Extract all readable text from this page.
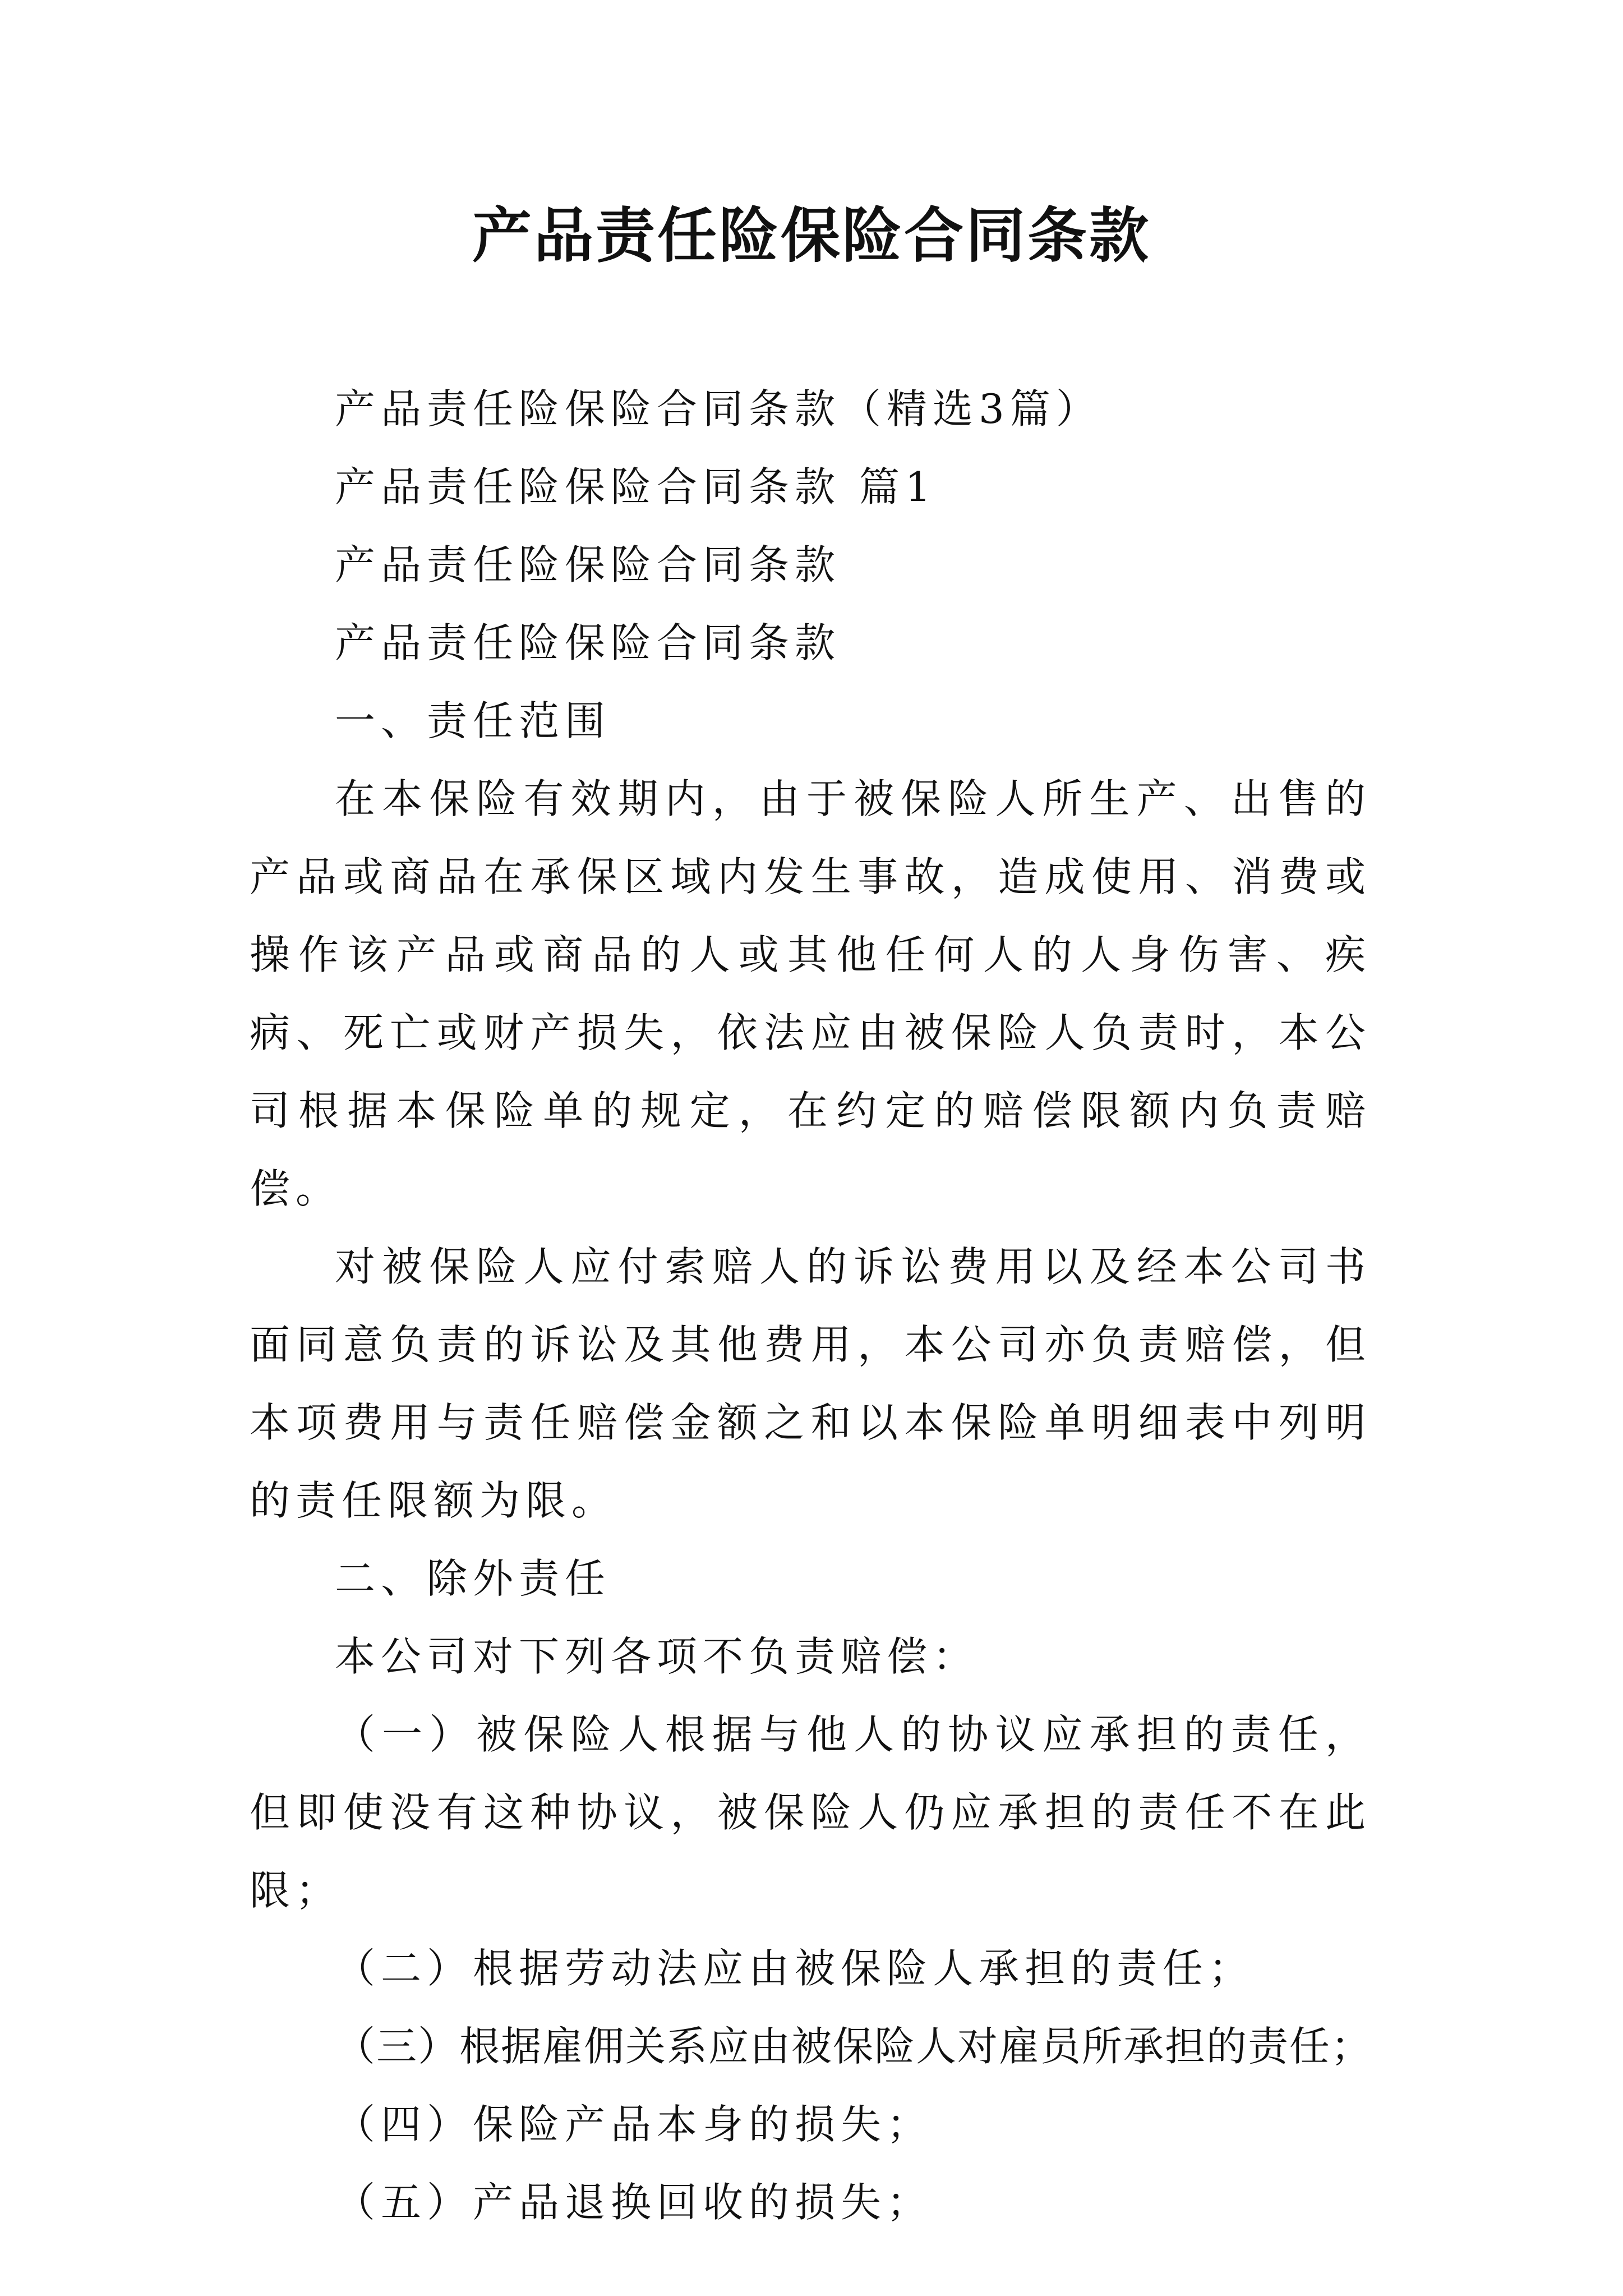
产品责任险保险合同条款

产品责任险保险合同条款（精选3篇）

产品责任险保险合同条款 篇1

产品责任险保险合同条款

产品责任险保险合同条款

一、责任范围

在本保险有效期内，由于被保险人所生产、出售的产品或商品在承保区域内发生事故，造成使用、消费或操作该产品或商品的人或其他任何人的人身伤害、疾病、死亡或财产损失，依法应由被保险人负责时，本公司根据本保险单的规定，在约定的赔偿限额内负责赔偿。

对被保险人应付索赔人的诉讼费用以及经本公司书面同意负责的诉讼及其他费用，本公司亦负责赔偿，但本项费用与责任赔偿金额之和以本保险单明细表中列明的责任限额为限。

二、除外责任

本公司对下列各项不负责赔偿：

（一）被保险人根据与他人的协议应承担的责任，但即使没有这种协议，被保险人仍应承担的责任不在此限；

（二）根据劳动法应由被保险人承担的责任；

（三）根据雇佣关系应由被保险人对雇员所承担的责任；

（四）保险产品本身的损失；

（五）产品退换回收的损失；
